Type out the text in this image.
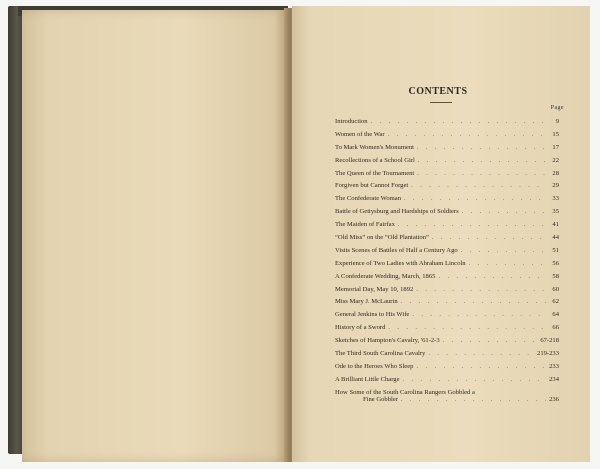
CONTENTS
Page
Introduction . . .	9
Women of the War . . .	15
To Mark Women's Monument . . .	17
Recollections of a School Girl . . .	22
The Queen of the Tournament . . .	28
Forgiven but Cannot Forget . . .	29
The Confederate Woman . . .	33
Battle of Gettysburg and Hardships of Soldiers . . .	35
The Maiden of Fairfax . . .	41
“Old Miss” on the “Old Plantation” . . .	44
Visits Scenes of Battles of Half a Century Ago . . .	51
Experience of Two Ladies with Abraham Lincoln . . .	56
A Confederate Wedding, March, 1865 . . .	58
Memorial Day, May 10, 1892 . . .	60
Miss Mary J. McLaurin . . .	62
General Jenkins to His Wife . . .	64
History of a Sword . . .	66
Sketches of Hampton's Cavalry, '61-2-3 . . .	67-218
The Third South Carolina Cavalry . . .	219-233
Ode to the Heroes Who Sleep . . .	233
A Brilliant Little Charge . . .	234
How Some of the South Carolina Rangers Gobbled a
Fine Gobbler . . .	236
